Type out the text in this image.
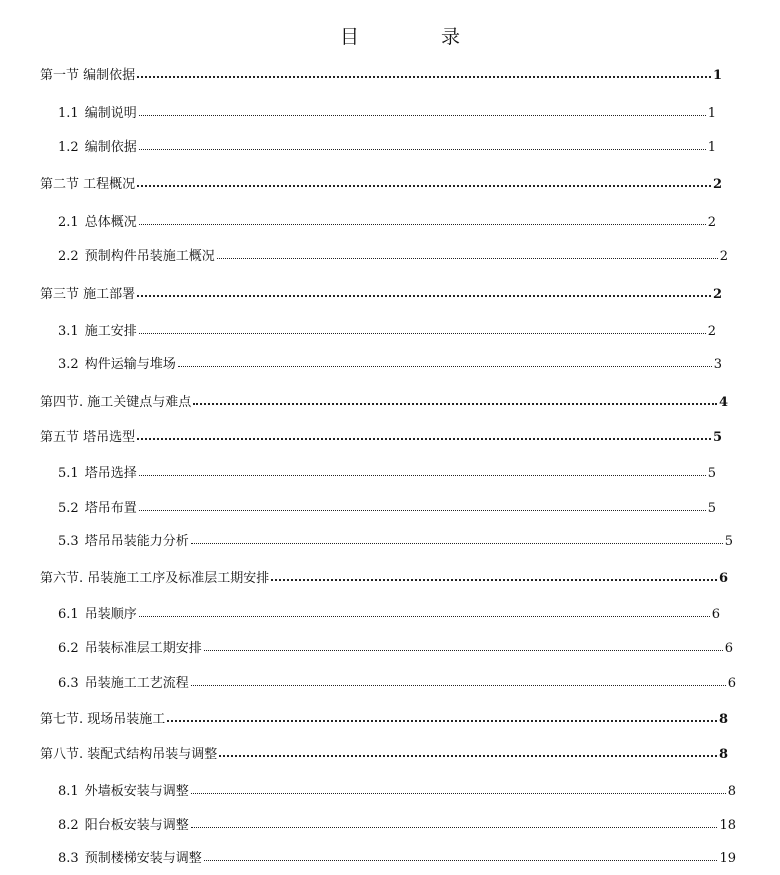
目	录
第一节 编制依据	1
1.1 编制说明	1
1.2 编制依据	1
第二节 工程概况	2
2.1 总体概况	2
2.2 预制构件吊装施工概况	2
第三节 施工部署	2
3.1 施工安排	2
3.2 构件运输与堆场	3
第四节. 施工关键点与难点	4
第五节 塔吊选型	5
5.1 塔吊选择	5
5.2 塔吊布置	5
5.3 塔吊吊装能力分析	5
第六节. 吊装施工工序及标准层工期安排	6
6.1 吊装顺序	6
6.2 吊装标准层工期安排	6
6.3 吊装施工工艺流程	6
第七节. 现场吊装施工	8
第八节. 装配式结构吊装与调整	8
8.1 外墙板安装与调整	8
8.2 阳台板安装与调整	18
8.3 预制楼梯安装与调整	19
